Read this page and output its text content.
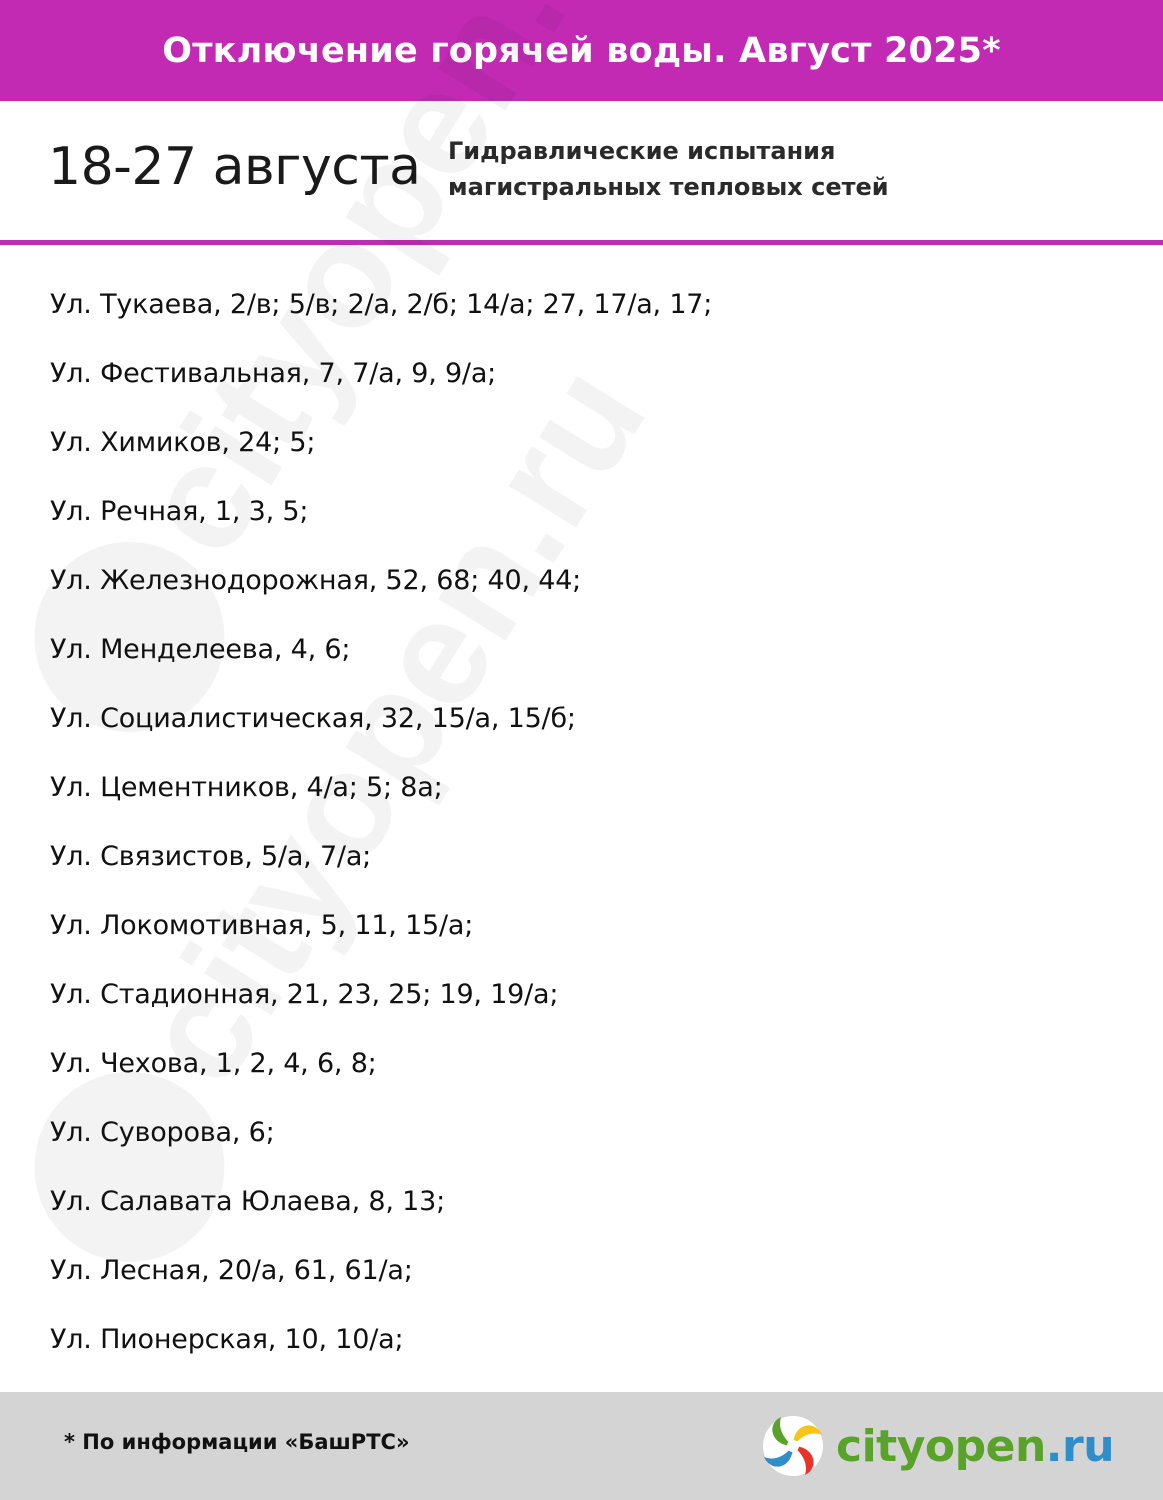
Отключение горячей воды. Август 2025*
18-27 августа Гидравлические испытания
магистральных тепловых сетей
Ул. Тукаева, 2/в; 5/в; 2/а, 2/б; 14/а; 27, 17/а, 17;
Ул. Фестивальная, 7, 7/а, 9, 9/а;
Ул. Химиков, 24; 5;
Ул. Речная, 1, 3, 5;
Ул. Железнодорожная, 52, 68; 40, 44;
Ул. Менделеева, 4, 6;
Ул. Социалистическая, 32, 15/а, 15/б;
Ул. Цементников, 4/а; 5; 8а;
Ул. Связистов, 5/а, 7/а;
Ул. Локомотивная, 5, 11, 15/а;
Ул. Стадионная, 21, 23, 25; 19, 19/а;
Ул. Чехова, 1, 2, 4, 6, 8;
Ул. Суворова, 6;
Ул. Салавата Юлаева, 8, 13;
Ул. Лесная, 20/а, 61, 61/а;
Ул. Пионерская, 10, 10/а;
* По информации «БашРТС»	cityopen.ru
